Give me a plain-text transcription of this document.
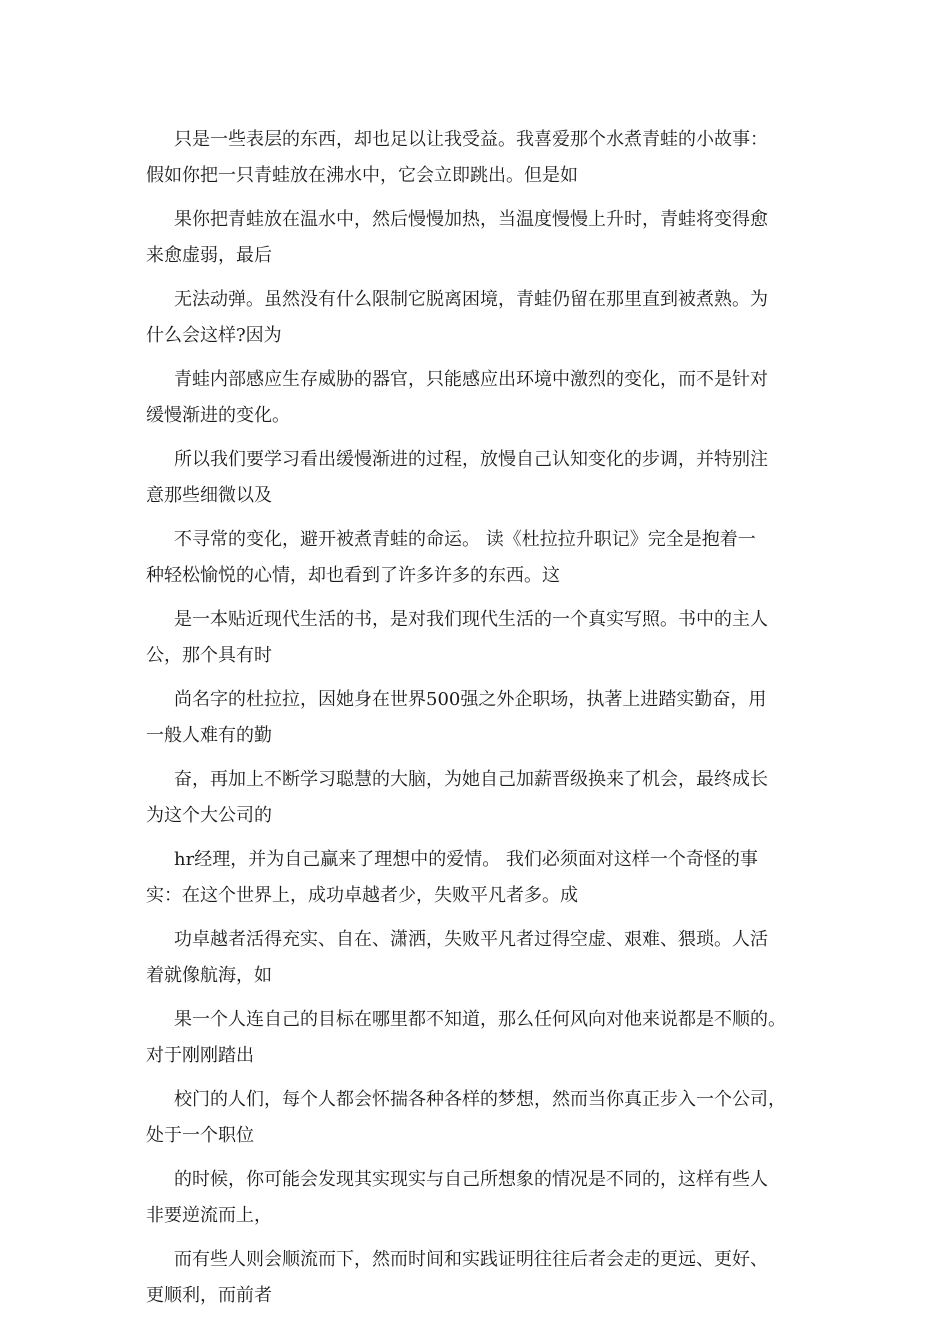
只是一些表层的东西，却也足以让我受益。我喜爱那个水煮青蛙的小故事：
假如你把一只青蛙放在沸水中，它会立即跳出。但是如
果你把青蛙放在温水中，然后慢慢加热，当温度慢慢上升时，青蛙将变得愈
来愈虚弱，最后
无法动弹。虽然没有什么限制它脱离困境，青蛙仍留在那里直到被煮熟。为
什么会这样?因为
青蛙内部感应生存威胁的器官，只能感应出环境中激烈的变化，而不是针对
缓慢渐进的变化。
所以我们要学习看出缓慢渐进的过程，放慢自己认知变化的步调，并特别注
意那些细微以及
不寻常的变化，避开被煮青蛙的命运。 读《杜拉拉升职记》完全是抱着一
种轻松愉悦的心情，却也看到了许多许多的东西。这
是一本贴近现代生活的书，是对我们现代生活的一个真实写照。书中的主人
公，那个具有时
尚名字的杜拉拉，因她身在世界500强之外企职场，执著上进踏实勤奋，用
一般人难有的勤
奋，再加上不断学习聪慧的大脑，为她自己加薪晋级换来了机会，最终成长
为这个大公司的
hr经理，并为自己赢来了理想中的爱情。 我们必须面对这样一个奇怪的事
实：在这个世界上，成功卓越者少，失败平凡者多。成
功卓越者活得充实、自在、潇洒，失败平凡者过得空虚、艰难、猥琐。人活
着就像航海，如
果一个人连自己的目标在哪里都不知道，那么任何风向对他来说都是不顺的。
对于刚刚踏出
校门的人们，每个人都会怀揣各种各样的梦想，然而当你真正步入一个公司，
处于一个职位
的时候，你可能会发现其实现实与自己所想象的情况是不同的，这样有些人
非要逆流而上，
而有些人则会顺流而下，然而时间和实践证明往往后者会走的更远、更好、
更顺利，而前者
